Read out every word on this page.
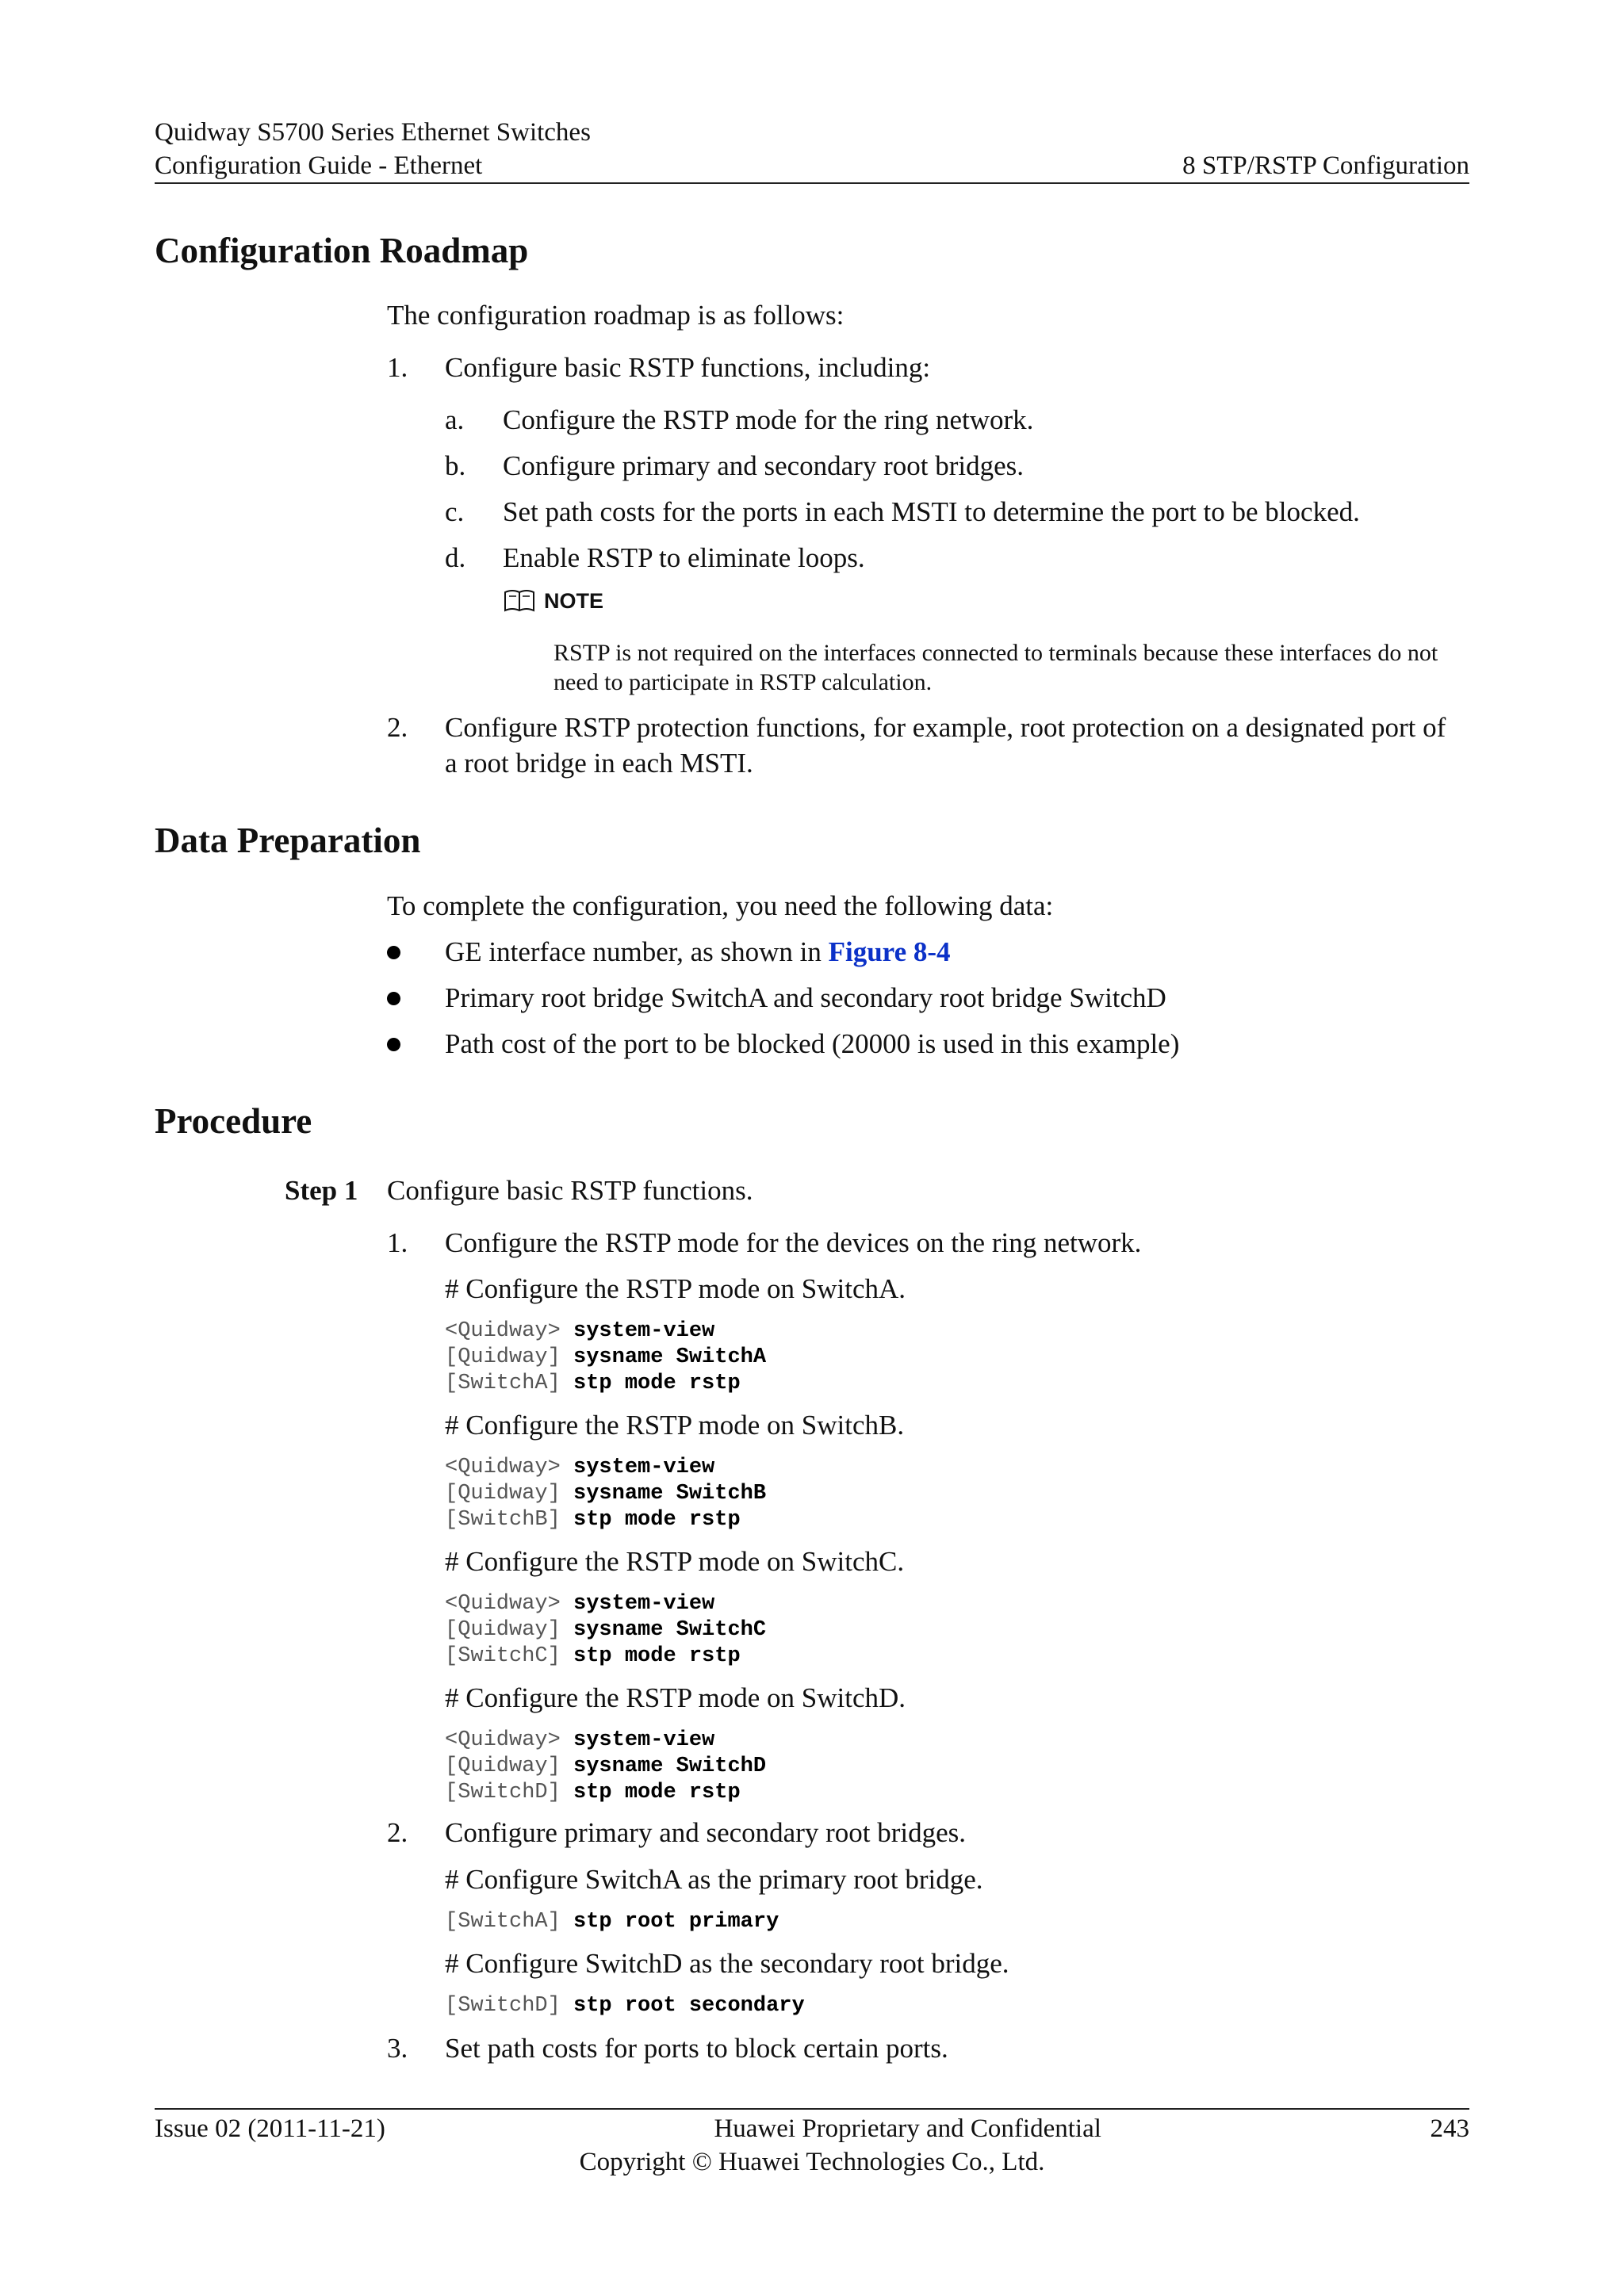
Quidway S5700 Series Ethernet Switches
Configuration Guide - Ethernet	8 STP/RSTP Configuration
Configuration Roadmap

The configuration roadmap is as follows:

1. Configure basic RSTP functions, including:

a. Configure the RSTP mode for the ring network.

b. Configure primary and secondary root bridges.

c. Set path costs for the ports in each MSTI to determine the port to be blocked.

d. Enable RSTP to eliminate loops.

NOTE
RSTP is not required on the interfaces connected to terminals because these interfaces do not
need to participate in RSTP calculation.
2. Configure RSTP protection functions, for example, root protection on a designated port of

a root bridge in each MSTI.

Data Preparation

To complete the configuration, you need the following data:

GE interface number, as shown in Figure 8-4

Primary root bridge SwitchA and secondary root bridge SwitchD

Path cost of the port to be blocked (20000 is used in this example)

Procedure
Step 1 Configure basic RSTP functions.

1. Configure the RSTP mode for the devices on the ring network.

# Configure the RSTP mode on SwitchA.

<Quidway> system-view
[Quidway] sysname SwitchA
[SwitchA] stp mode rstp

# Configure the RSTP mode on SwitchB.

<Quidway> system-view
[Quidway] sysname SwitchB
[SwitchB] stp mode rstp

# Configure the RSTP mode on SwitchC.

<Quidway> system-view
[Quidway] sysname SwitchC
[SwitchC] stp mode rstp

# Configure the RSTP mode on SwitchD.

<Quidway> system-view
[Quidway] sysname SwitchD
[SwitchD] stp mode rstp
2. Configure primary and secondary root bridges.

# Configure SwitchA as the primary root bridge.

[SwitchA] stp root primary

# Configure SwitchD as the secondary root bridge.

[SwitchD] stp root secondary
3. Set path costs for ports to block certain ports.

Issue 02 (2011-11-21)	Huawei Proprietary and Confidential	243
Copyright © Huawei Technologies Co., Ltd.
